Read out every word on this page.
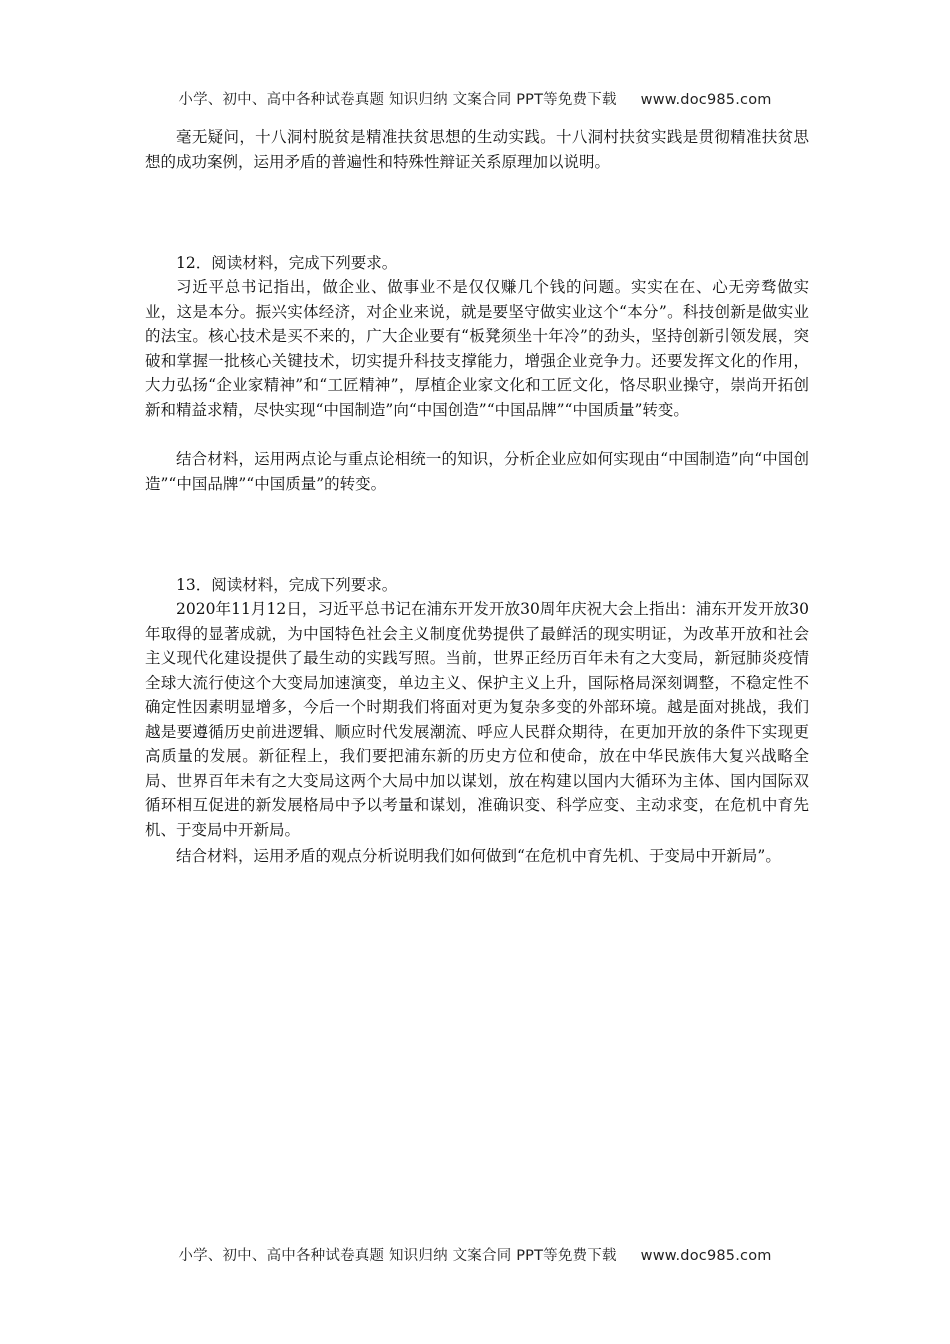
小学、初中、高中各种试卷真题 知识归纳 文案合同 PPT等免费下载 www.doc985.com

毫无疑问，十八洞村脱贫是精准扶贫思想的生动实践。十八洞村扶贫实践是贯彻精准扶贫思想的成功案例，运用矛盾的普遍性和特殊性辩证关系原理加以说明。

12．阅读材料，完成下列要求。

习近平总书记指出，做企业、做事业不是仅仅赚几个钱的问题。实实在在、心无旁骛做实业，这是本分。振兴实体经济，对企业来说，就是要坚守做实业这个“本分”。科技创新是做实业的法宝。核心技术是买不来的，广大企业要有“板凳须坐十年冷”的劲头，坚持创新引领发展，突破和掌握一批核心关键技术，切实提升科技支撑能力，增强企业竞争力。还要发挥文化的作用，大力弘扬“企业家精神”和“工匠精神”，厚植企业家文化和工匠文化，恪尽职业操守，崇尚开拓创新和精益求精，尽快实现“中国制造”向“中国创造”“中国品牌”“中国质量”转变。

结合材料，运用两点论与重点论相统一的知识，分析企业应如何实现由“中国制造”向“中国创造”“中国品牌”“中国质量”的转变。

13．阅读材料，完成下列要求。

2020年11月12日，习近平总书记在浦东开发开放30周年庆祝大会上指出：浦东开发开放30年取得的显著成就，为中国特色社会主义制度优势提供了最鲜活的现实明证，为改革开放和社会主义现代化建设提供了最生动的实践写照。当前，世界正经历百年未有之大变局，新冠肺炎疫情全球大流行使这个大变局加速演变，单边主义、保护主义上升，国际格局深刻调整，不稳定性不确定性因素明显增多，今后一个时期我们将面对更为复杂多变的外部环境。越是面对挑战，我们越是要遵循历史前进逻辑、顺应时代发展潮流、呼应人民群众期待，在更加开放的条件下实现更高质量的发展。新征程上，我们要把浦东新的历史方位和使命，放在中华民族伟大复兴战略全局、世界百年未有之大变局这两个大局中加以谋划，放在构建以国内大循环为主体、国内国际双循环相互促进的新发展格局中予以考量和谋划，准确识变、科学应变、主动求变，在危机中育先机、于变局中开新局。

结合材料，运用矛盾的观点分析说明我们如何做到“在危机中育先机、于变局中开新局”。

小学、初中、高中各种试卷真题 知识归纳 文案合同 PPT等免费下载 www.doc985.com
